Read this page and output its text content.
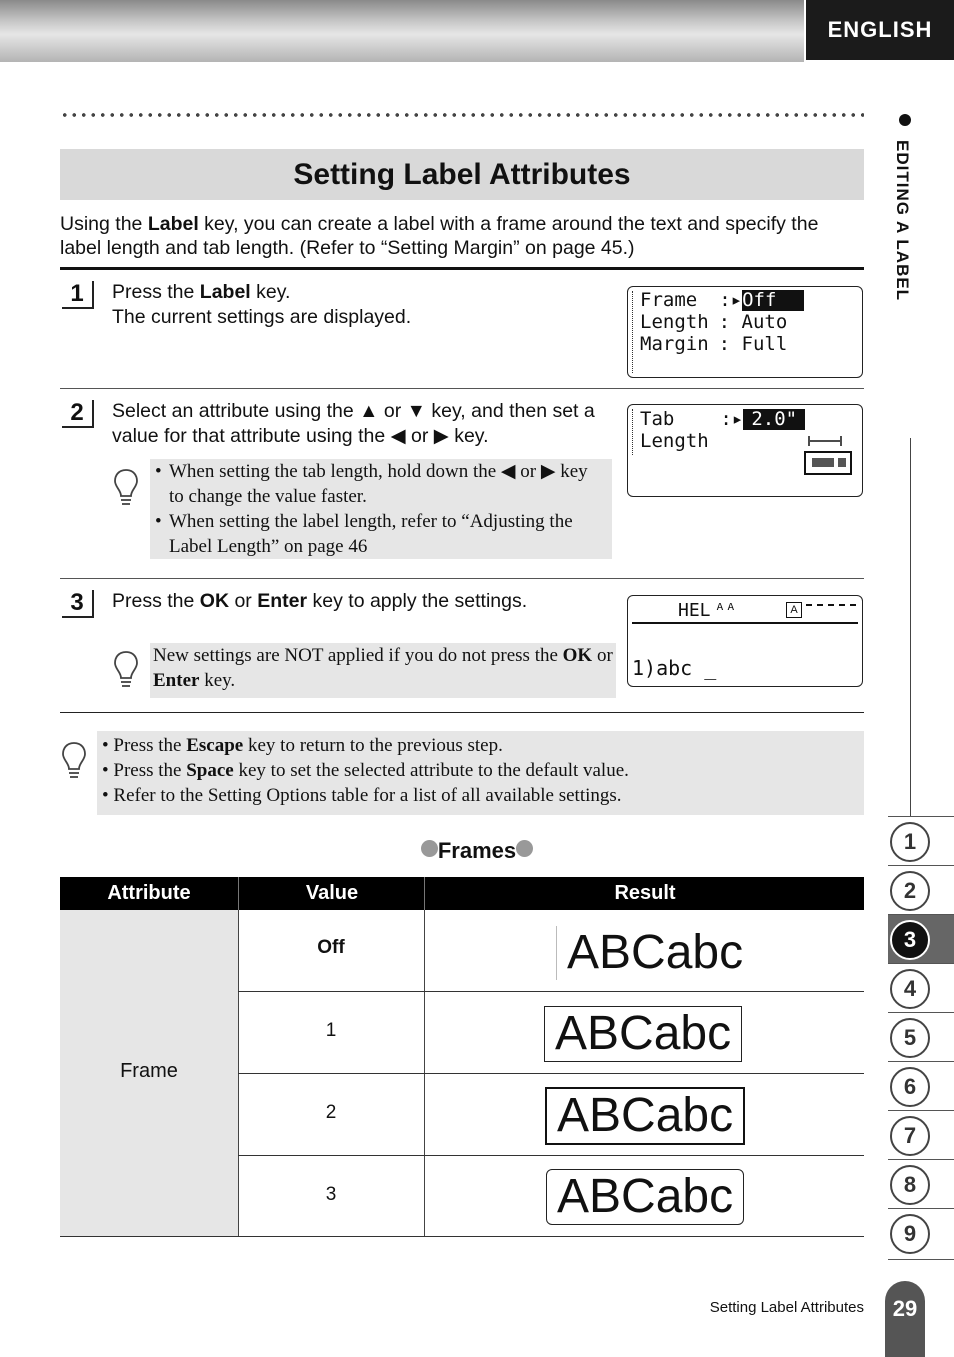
ENGLISH
Setting Label Attributes
Using the Label key, you can create a label with a frame around the text and specify the label length and tab length. (Refer to “Setting Margin” on page 45.)
1	Press the Label key.
The current settings are displayed.
Frame :▸Off
Length : Auto
Margin : Full
2	Select an attribute using the ▲ or ▼ key, and then set a value for that attribute using the ◀ or ▶ key.
• When setting the tab length, hold down the ◀ or ▶ key to change the value faster.
• When setting the label length, refer to “Adjusting the Label Length” on page 46
Tab :▸ 2.0"
Length
3	Press the OK or Enter key to apply the settings.
New settings are NOT applied if you do not press the OK or Enter key.
HEL ᴬᴬ	A
1)abc _
• Press the Escape key to return to the previous step.
• Press the Space key to set the selected attribute to the default value.
• Refer to the Setting Options table for a list of all available settings.
Frames
Attribute	Value	Result
Frame
Off	ABCabc
1	ABCabc
2	ABCabc
3	ABCabc
EDITING A LABEL
1
2
3
4
5
6
7
8
9
Setting Label Attributes	29
